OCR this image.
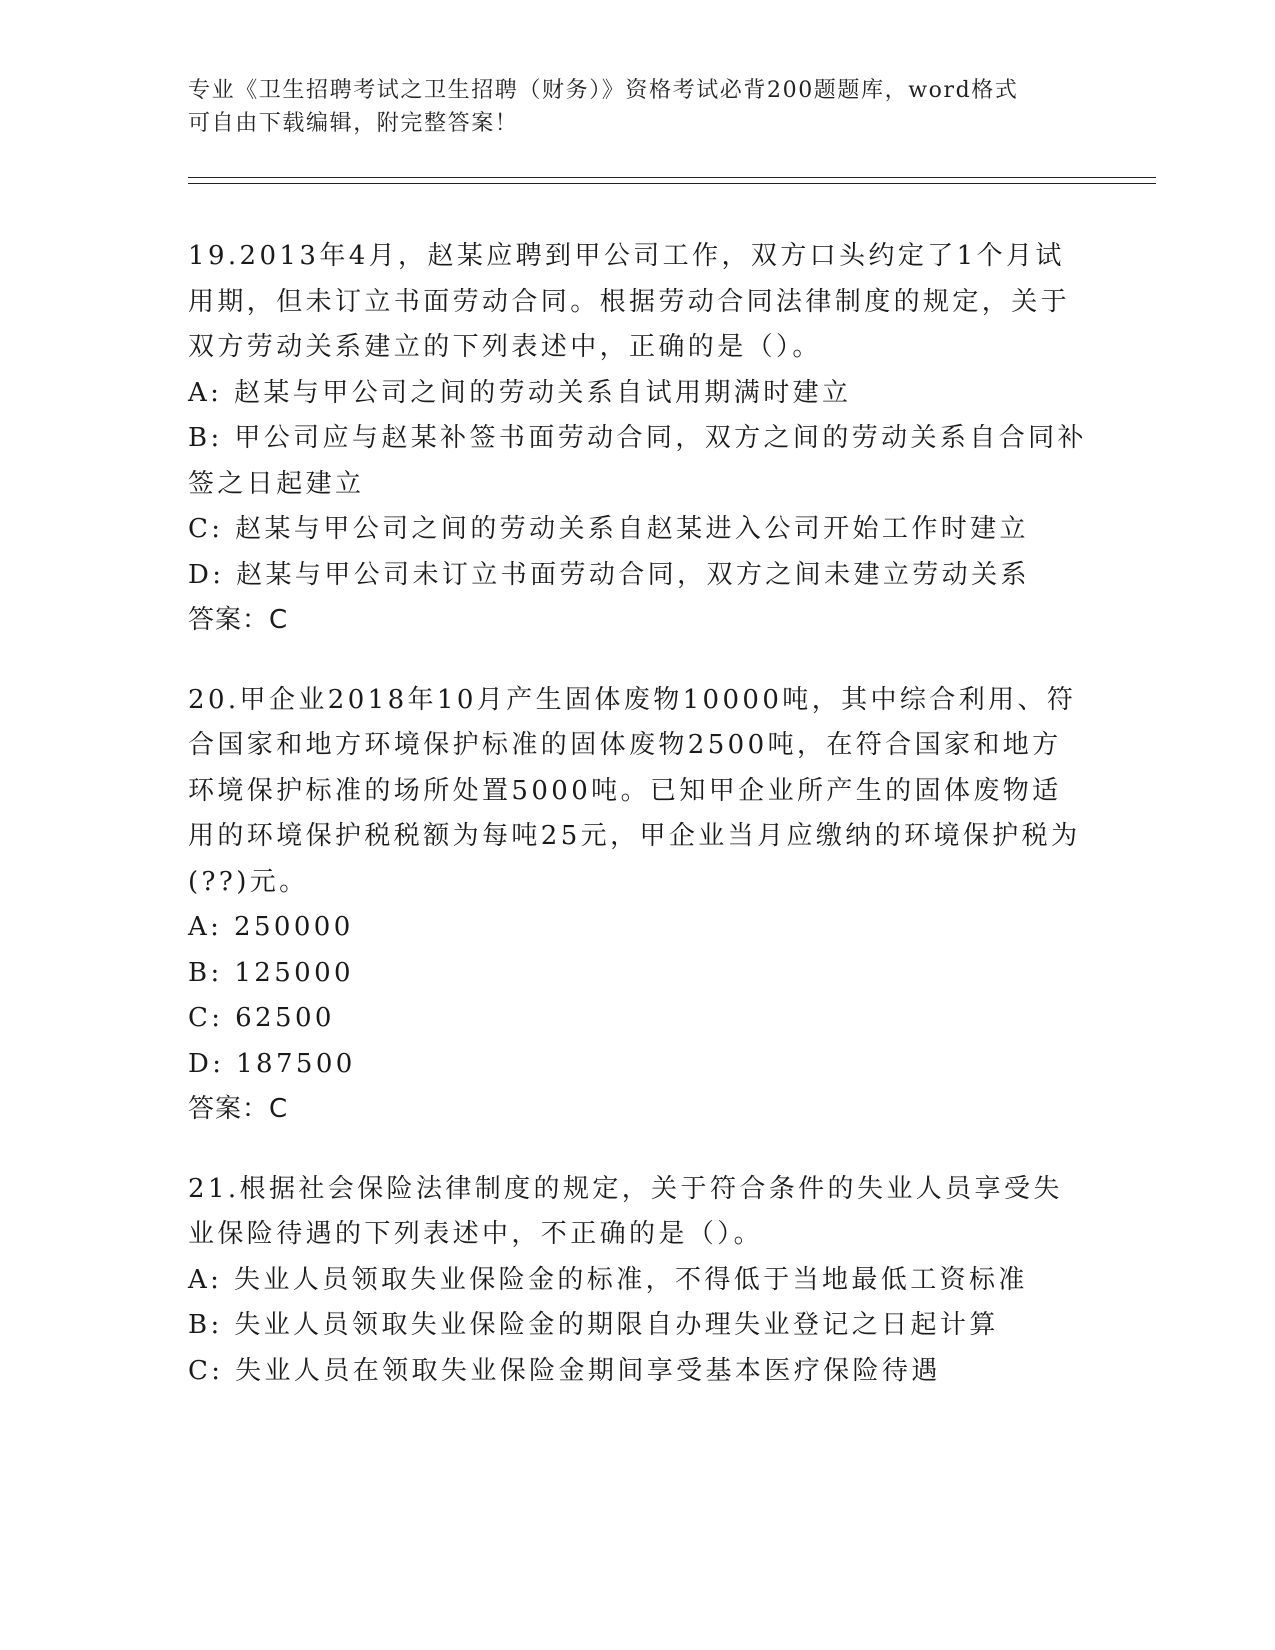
专业《卫生招聘考试之卫生招聘（财务）》资格考试必背200题题库，word格式
可自由下载编辑，附完整答案！

19.2013年4月，赵某应聘到甲公司工作，双方口头约定了1个月试用期，但未订立书面劳动合同。根据劳动合同法律制度的规定，关于双方劳动关系建立的下列表述中，正确的是（）。

A: 赵某与甲公司之间的劳动关系自试用期满时建立

B: 甲公司应与赵某补签书面劳动合同，双方之间的劳动关系自合同补签之日起建立

C: 赵某与甲公司之间的劳动关系自赵某进入公司开始工作时建立

D: 赵某与甲公司未订立书面劳动合同，双方之间未建立劳动关系

答案：C

20.甲企业2018年10月产生固体废物10000吨，其中综合利用、符合国家和地方环境保护标准的固体废物2500吨，在符合国家和地方环境保护标准的场所处置5000吨。已知甲企业所产生的固体废物适用的环境保护税税额为每吨25元，甲企业当月应缴纳的环境保护税为(??)元。

A: 250000

B: 125000

C: 62500

D: 187500

答案：C

21.根据社会保险法律制度的规定，关于符合条件的失业人员享受失业保险待遇的下列表述中，不正确的是（）。

A: 失业人员领取失业保险金的标准，不得低于当地最低工资标准

B: 失业人员领取失业保险金的期限自办理失业登记之日起计算

C: 失业人员在领取失业保险金期间享受基本医疗保险待遇
